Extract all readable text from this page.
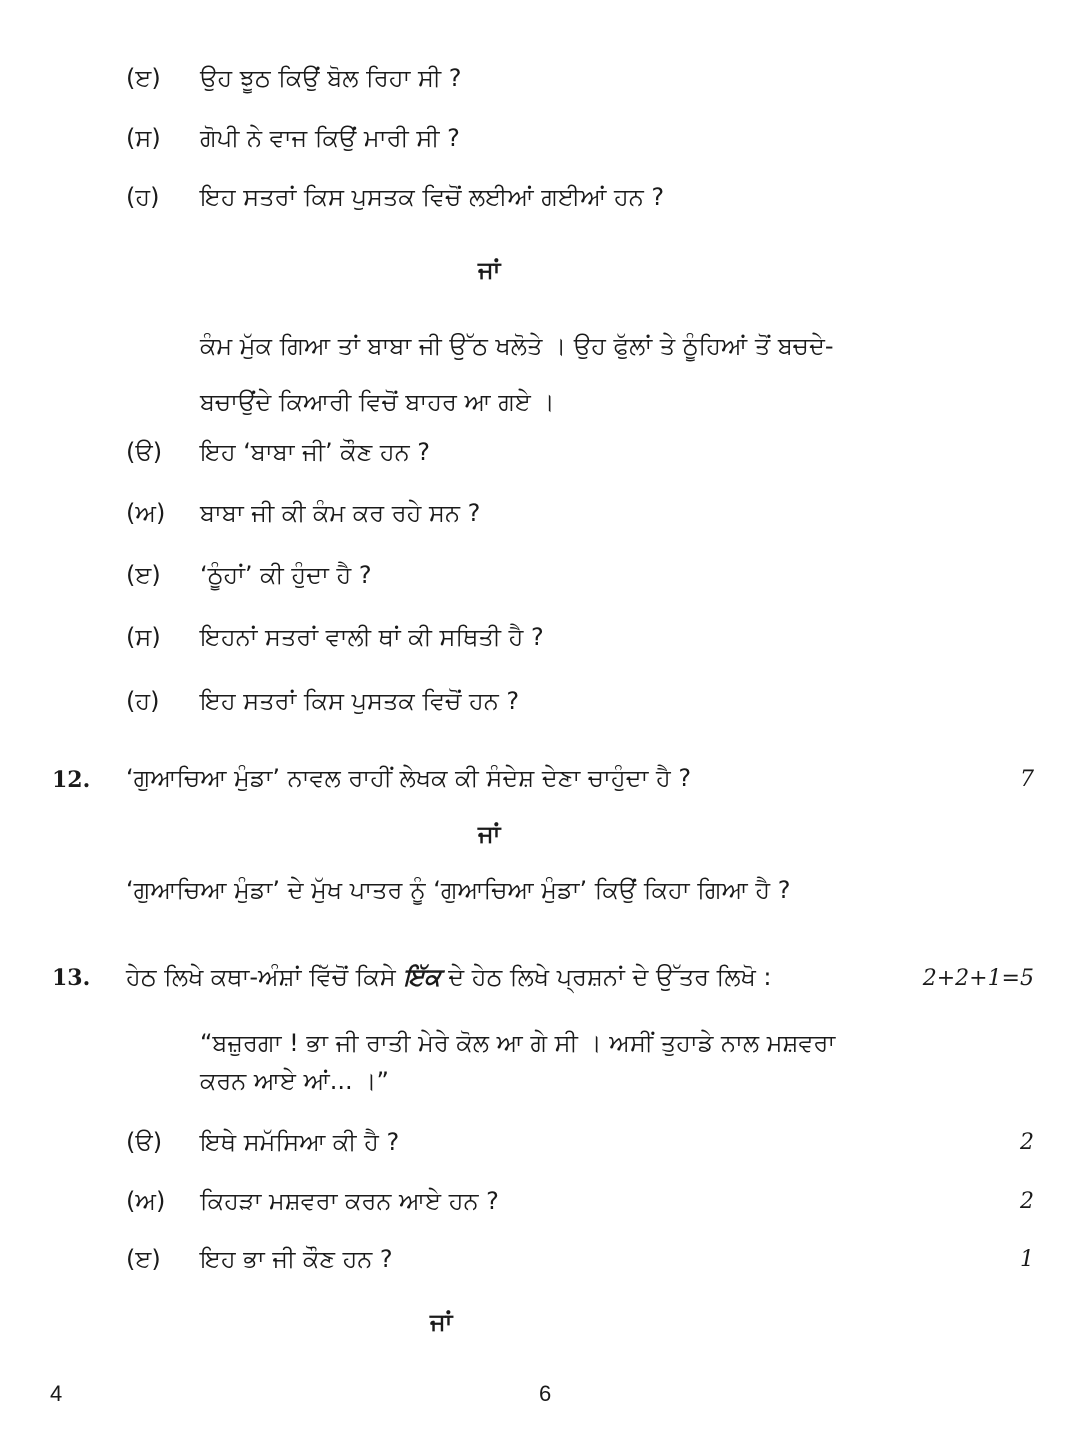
(ੲ) ਉਹ ਝੂਠ ਕਿਉਂ ਬੋਲ ਰਿਹਾ ਸੀ ?
(ਸ) ਗੋਪੀ ਨੇ ਵਾਜ ਕਿਉਂ ਮਾਰੀ ਸੀ ?
(ਹ) ਇਹ ਸਤਰਾਂ ਕਿਸ ਪੁਸਤਕ ਵਿਚੋਂ ਲਈਆਂ ਗਈਆਂ ਹਨ ?
ਜਾਂ
ਕੰਮ ਮੁੱਕ ਗਿਆ ਤਾਂ ਬਾਬਾ ਜੀ ਉੱਠ ਖਲੋਤੇ । ਉਹ ਫੁੱਲਾਂ ਤੇ ਠੂੰਹਿਆਂ ਤੋਂ ਬਚਦੇ-
ਬਚਾਉਂਦੇ ਕਿਆਰੀ ਵਿਚੋਂ ਬਾਹਰ ਆ ਗਏ ।
(ੳ) ਇਹ ‘ਬਾਬਾ ਜੀ’ ਕੌਣ ਹਨ ?
(ਅ) ਬਾਬਾ ਜੀ ਕੀ ਕੰਮ ਕਰ ਰਹੇ ਸਨ ?
(ੲ) ‘ਠੂੰਹਾਂ’ ਕੀ ਹੁੰਦਾ ਹੈ ?
(ਸ) ਇਹਨਾਂ ਸਤਰਾਂ ਵਾਲੀ ਥਾਂ ਕੀ ਸਥਿਤੀ ਹੈ ?
(ਹ) ਇਹ ਸਤਰਾਂ ਕਿਸ ਪੁਸਤਕ ਵਿਚੋਂ ਹਨ ?
12. ‘ਗੁਆਚਿਆ ਮੁੰਡਾ’ ਨਾਵਲ ਰਾਹੀਂ ਲੇਖਕ ਕੀ ਸੰਦੇਸ਼ ਦੇਣਾ ਚਾਹੁੰਦਾ ਹੈ ?	7
ਜਾਂ
‘ਗੁਆਚਿਆ ਮੁੰਡਾ’ ਦੇ ਮੁੱਖ ਪਾਤਰ ਨੂੰ ‘ਗੁਆਚਿਆ ਮੁੰਡਾ’ ਕਿਉਂ ਕਿਹਾ ਗਿਆ ਹੈ ?
13. ਹੇਠ ਲਿਖੇ ਕਥਾ-ਅੰਸ਼ਾਂ ਵਿੱਚੋਂ ਕਿਸੇ ਇੱਕ ਦੇ ਹੇਠ ਲਿਖੇ ਪ੍ਰਸ਼ਨਾਂ ਦੇ ਉੱਤਰ ਲਿਖੋ :	2+2+1=5
“ਬਜ਼ੁਰਗਾ ! ਭਾ ਜੀ ਰਾਤੀ ਮੇਰੇ ਕੋਲ ਆ ਗੇ ਸੀ । ਅਸੀਂ ਤੁਹਾਡੇ ਨਾਲ ਮਸ਼ਵਰਾ
ਕਰਨ ਆਏ ਆਂ... ।”
(ੳ) ਇਥੇ ਸਮੱਸਿਆ ਕੀ ਹੈ ?	2
(ਅ) ਕਿਹੜਾ ਮਸ਼ਵਰਾ ਕਰਨ ਆਏ ਹਨ ?	2
(ੲ) ਇਹ ਭਾ ਜੀ ਕੌਣ ਹਨ ?	1
ਜਾਂ
4	6
